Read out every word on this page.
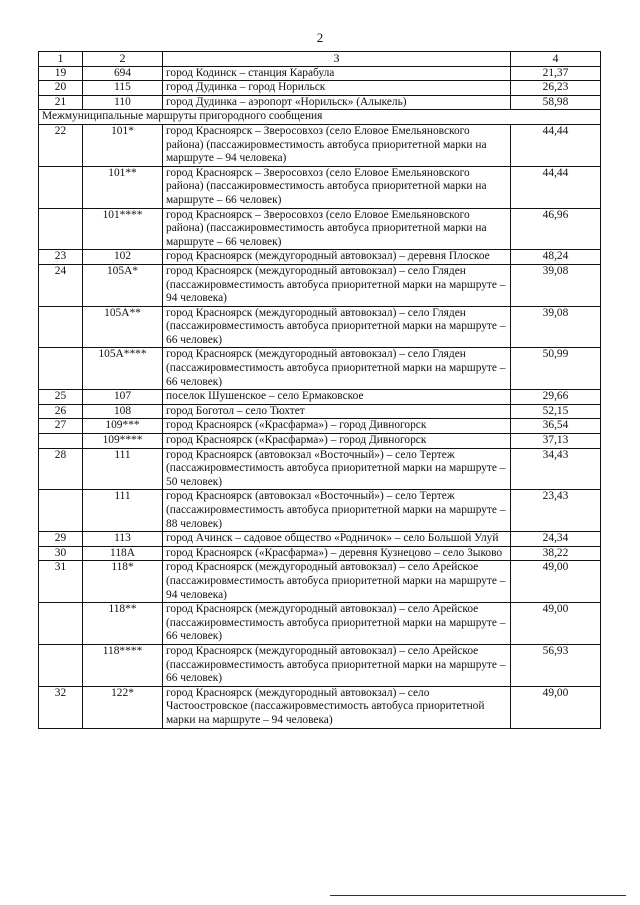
2
1	2	3	4
19	694	город Кодинск – станция Карабула	21,37
20	115	город Дудинка – город Норильск	26,23
21	110	город Дудинка – аэропорт «Норильск» (Алыкель)	58,98
Межмуниципальные маршруты пригородного сообщения			
22	101*	город Красноярск – Зверосовхоз (село Еловое Емельяновского района) (пассажировместимость автобуса приоритетной марки на маршруте – 94 человека)	44,44
	101**	город Красноярск – Зверосовхоз (село Еловое Емельяновского района) (пассажировместимость автобуса приоритетной марки на маршруте – 66 человек)	44,44
	101****	город Красноярск – Зверосовхоз (село Еловое Емельяновского района) (пассажировместимость автобуса приоритетной марки на маршруте – 66 человек)	46,96
23	102	город Красноярск (междугородный автовокзал) – деревня Плоское	48,24
24	105А*	город Красноярск (междугородный автовокзал) – село Гляден (пассажировместимость автобуса приоритетной марки на маршруте – 94 человека)	39,08
	105А**	город Красноярск (междугородный автовокзал) – село Гляден (пассажировместимость автобуса приоритетной марки на маршруте – 66 человек)	39,08
	105А****	город Красноярск (междугородный автовокзал) – село Гляден (пассажировместимость автобуса приоритетной марки на маршруте – 66 человек)	50,99
25	107	поселок Шушенское – село Ермаковское	29,66
26	108	город Боготол – село Тюхтет	52,15
27	109***	город Красноярск («Красфарма») – город Дивногорск	36,54
	109****	город Красноярск («Красфарма») – город Дивногорск	37,13
28	111	город Красноярск (автовокзал «Восточный») – село Тертеж (пассажировместимость автобуса приоритетной марки на маршруте – 50 человек)	34,43
	111	город Красноярск (автовокзал «Восточный») – село Тертеж (пассажировместимость автобуса приоритетной марки на маршруте – 88 человек)	23,43
29	113	город Ачинск – садовое общество «Родничок» – село Большой Улуй	24,34
30	118А	город Красноярск («Красфарма») – деревня Кузнецово – село Зыково	38,22
31	118*	город Красноярск (междугородный автовокзал) – село Арейское (пассажировместимость автобуса приоритетной марки на маршруте – 94 человека)	49,00
	118**	город Красноярск (междугородный автовокзал) – село Арейское (пассажировместимость автобуса приоритетной марки на маршруте – 66 человек)	49,00
	118****	город Красноярск (междугородный автовокзал) – село Арейское (пассажировместимость автобуса приоритетной марки на маршруте – 66 человек)	56,93
32	122*	город Красноярск (междугородный автовокзал) – село Частоостровское (пассажировместимость автобуса приоритетной марки на маршруте – 94 человека)	49,00
